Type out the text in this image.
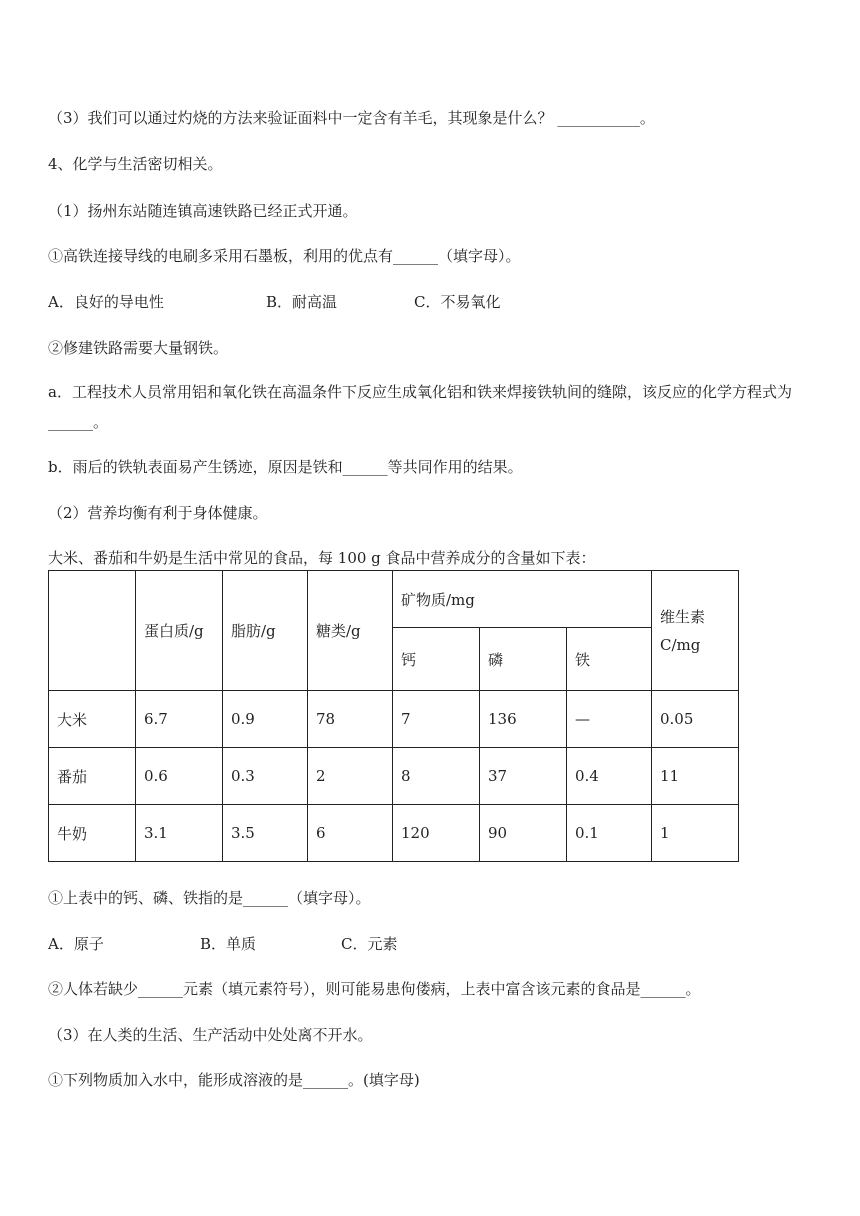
（3）我们可以通过灼烧的方法来验证面料中一定含有羊毛，其现象是什么？ ___________。
4、化学与生活密切相关。
（1）扬州东站随连镇高速铁路已经正式开通。
①高铁连接导线的电刷多采用石墨板，利用的优点有______（填字母）。
A．良好的导电性	B．耐高温	C．不易氧化
②修建铁路需要大量钢铁。
a．工程技术人员常用铝和氧化铁在高温条件下反应生成氧化铝和铁来焊接铁轨间的缝隙，该反应的化学方程式为______。
b．雨后的铁轨表面易产生锈迹，原因是铁和______等共同作用的结果。
（2）营养均衡有利于身体健康。
大米、番茄和牛奶是生活中常见的食品，每 100 g 食品中营养成分的含量如下表：
	蛋白质/g	脂肪/g	糖类/g	矿物质/mg			维生素
C/mg

				钙	磷	铁	
大米	6.7	0.9	78	7	136	—	0.05
番茄	0.6	0.3	2	8	37	0.4	11
牛奶	3.1	3.5	6	120	90	0.1	1
①上表中的钙、磷、铁指的是______（填字母）。
A．原子	B．单质	C．元素
②人体若缺少______元素（填元素符号），则可能易患佝偻病，上表中富含该元素的食品是______。
（3）在人类的生活、生产活动中处处离不开水。
①下列物质加入水中，能形成溶液的是______。(填字母)
